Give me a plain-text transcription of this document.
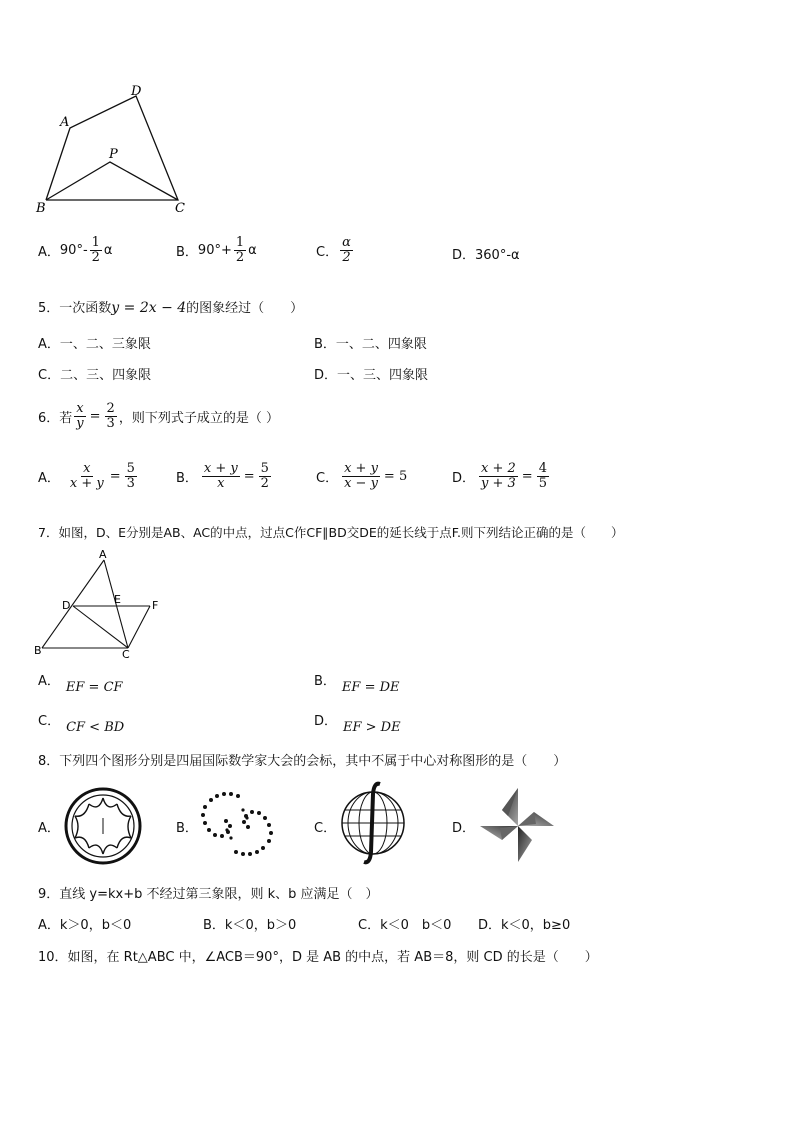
A
D
P
B	C
A． $90^\circ- \frac{1}{2}$ α	B． $90^\circ+ \frac{1}{2}$ α	C． $\frac{\alpha}{2}$	D．360°-α
5．一次函数y = 2x − 4的图象经过（　　）
A．一、二、三象限	B．一、二、四象限
C．二、三、四象限	D．一、三、四象限
6．若 $\frac{x}{y} = \frac{2}{3}$ ，则下列式子成立的是（ ）
A． $\frac{x}{x + y} = \frac{5}{3}$	B． $\frac{x + y}{x} = \frac{5}{2}$	C． $\frac{x + y}{x - y} = 5$	D． $\frac{x + 2}{y + 3} = \frac{4}{5}$
7．如图，D、E分别是AB、AC的中点，过点C作CF∥BD交DE的延长线于点F.则下列结论正确的是（　　）
A
D	E	F
B	C
A． EF = CF	B． EF = DE
C． CF < BD	D． EF > DE
8．下列四个图形分别是四届国际数学家大会的会标，其中不属于中心对称图形的是（　　）
A．	B．	C．	D．
9．直线 y=kx+b 不经过第三象限，则 k、b 应满足（　）
A．k＞0，b＜0	B．k＜0，b＞0	C．k＜0　b＜0 D．k＜0，b≥0
10．如图，在 Rt△ABC 中，∠ACB＝90°，D 是 AB 的中点，若 AB＝8，则 CD 的长是（　　）
